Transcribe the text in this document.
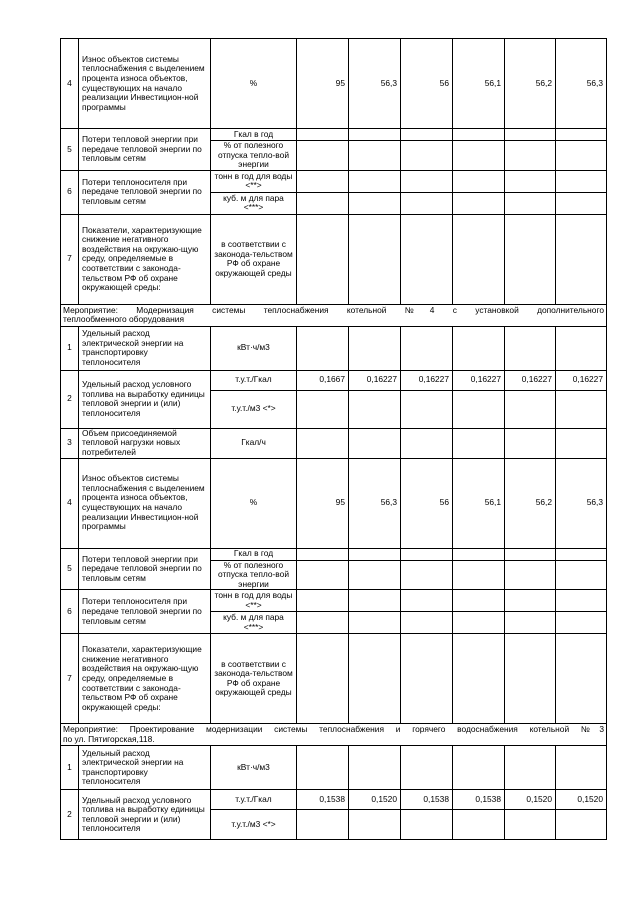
4	Износ объектов системы теплоснабжения с выделением процента износа объектов, существующих на начало реализации Инвестицион-ной программы	%	95	56,3	56	56,1	56,2	56,3
5	Потери тепловой энергии при передаче тепловой энергии по тепловым сетям	Гкал в год						
		% от полезного отпуска тепло-вой энергии						
6	Потери теплоносителя при передаче тепловой энергии по тепловым сетям	тонн в год для воды <**>						
		куб. м для пара <***>						
7	Показатели, характеризующие снижение негативного воздействия на окружаю-щую среду, определяемые в соответствии с законода-тельством РФ об охране окружающей среды:	в соответствии с законода-тельством РФ об охране окружающей среды						

Мероприятие: Модернизация системы теплоснабжения котельной №4 с установкой дополнительного
теплообменного оборудования								

1	Удельный расход электрической энергии на транспортировку теплоносителя	кВт·ч/м3						
2	Удельный расход условного топлива на выработку единицы тепловой энергии и (или) теплоносителя	т.у.т./Гкал	0,1667	0,16227	0,16227	0,16227	0,16227	0,16227
		т.у.т./м3 <*>						
3	Объем присоединяемой тепловой нагрузки новых потребителей	Гкал/ч						
4	Износ объектов системы теплоснабжения с выделением процента износа объектов, существующих на начало реализации Инвестицион-ной программы	%	95	56,3	56	56,1	56,2	56,3
5	Потери тепловой энергии при передаче тепловой энергии по тепловым сетям	Гкал в год						
		% от полезного отпуска тепло-вой энергии						
6	Потери теплоносителя при передаче тепловой энергии по тепловым сетям	тонн в год для воды <**>						
		куб. м для пара <***>						
7	Показатели, характеризующие снижение негативного воздействия на окружаю-щую среду, определяемые в соответствии с законода-тельством РФ об охране окружающей среды:	в соответствии с законода-тельством РФ об охране окружающей среды						

Мероприятие: Проектирование модернизации системы теплоснабжения и горячего водоснабжения котельной №3
по ул. Пятигорская,118.								

1	Удельный расход электрической энергии на транспортировку теплоносителя	кВт·ч/м3						
2	Удельный расход условного топлива на выработку единицы тепловой энергии и (или) теплоносителя	т.у.т./Гкал	0,1538	0,1520	0,1538	0,1538	0,1520	0,1520
		т.у.т./м3 <*>						
